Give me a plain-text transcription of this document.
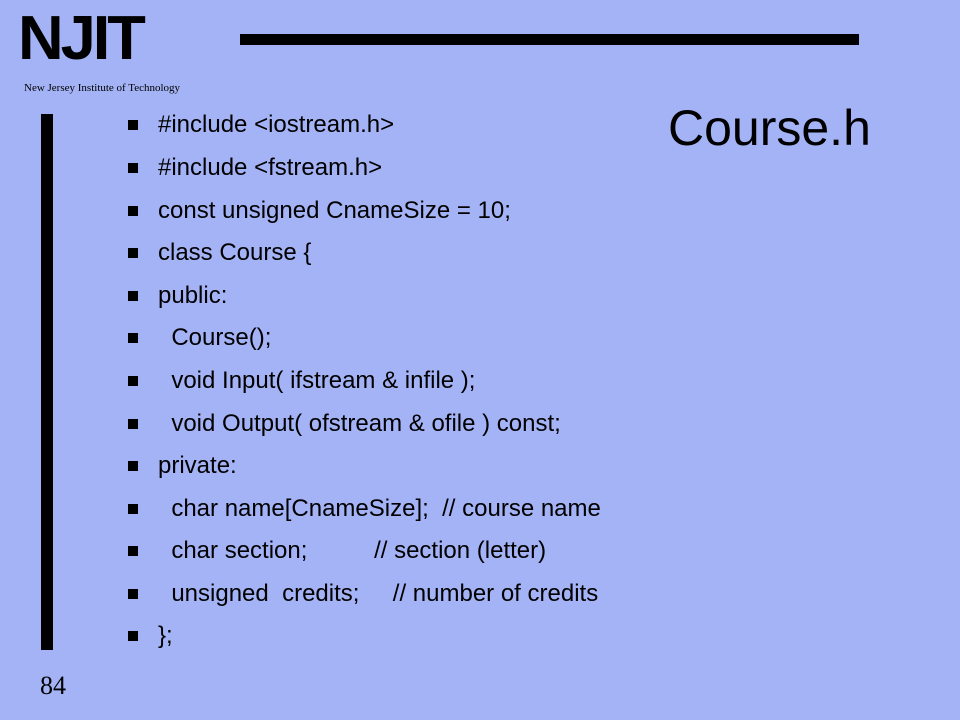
NJIT
New Jersey Institute of Technology
Course.h
#include <iostream.h>
#include <fstream.h>
const unsigned CnameSize = 10;
class Course {
public:
Course();
void Input( ifstream & infile );
void Output( ofstream & ofile ) const;
private:
char name[CnameSize];  // course name
char section;          // section (letter)
unsigned  credits;     // number of credits
};
84
